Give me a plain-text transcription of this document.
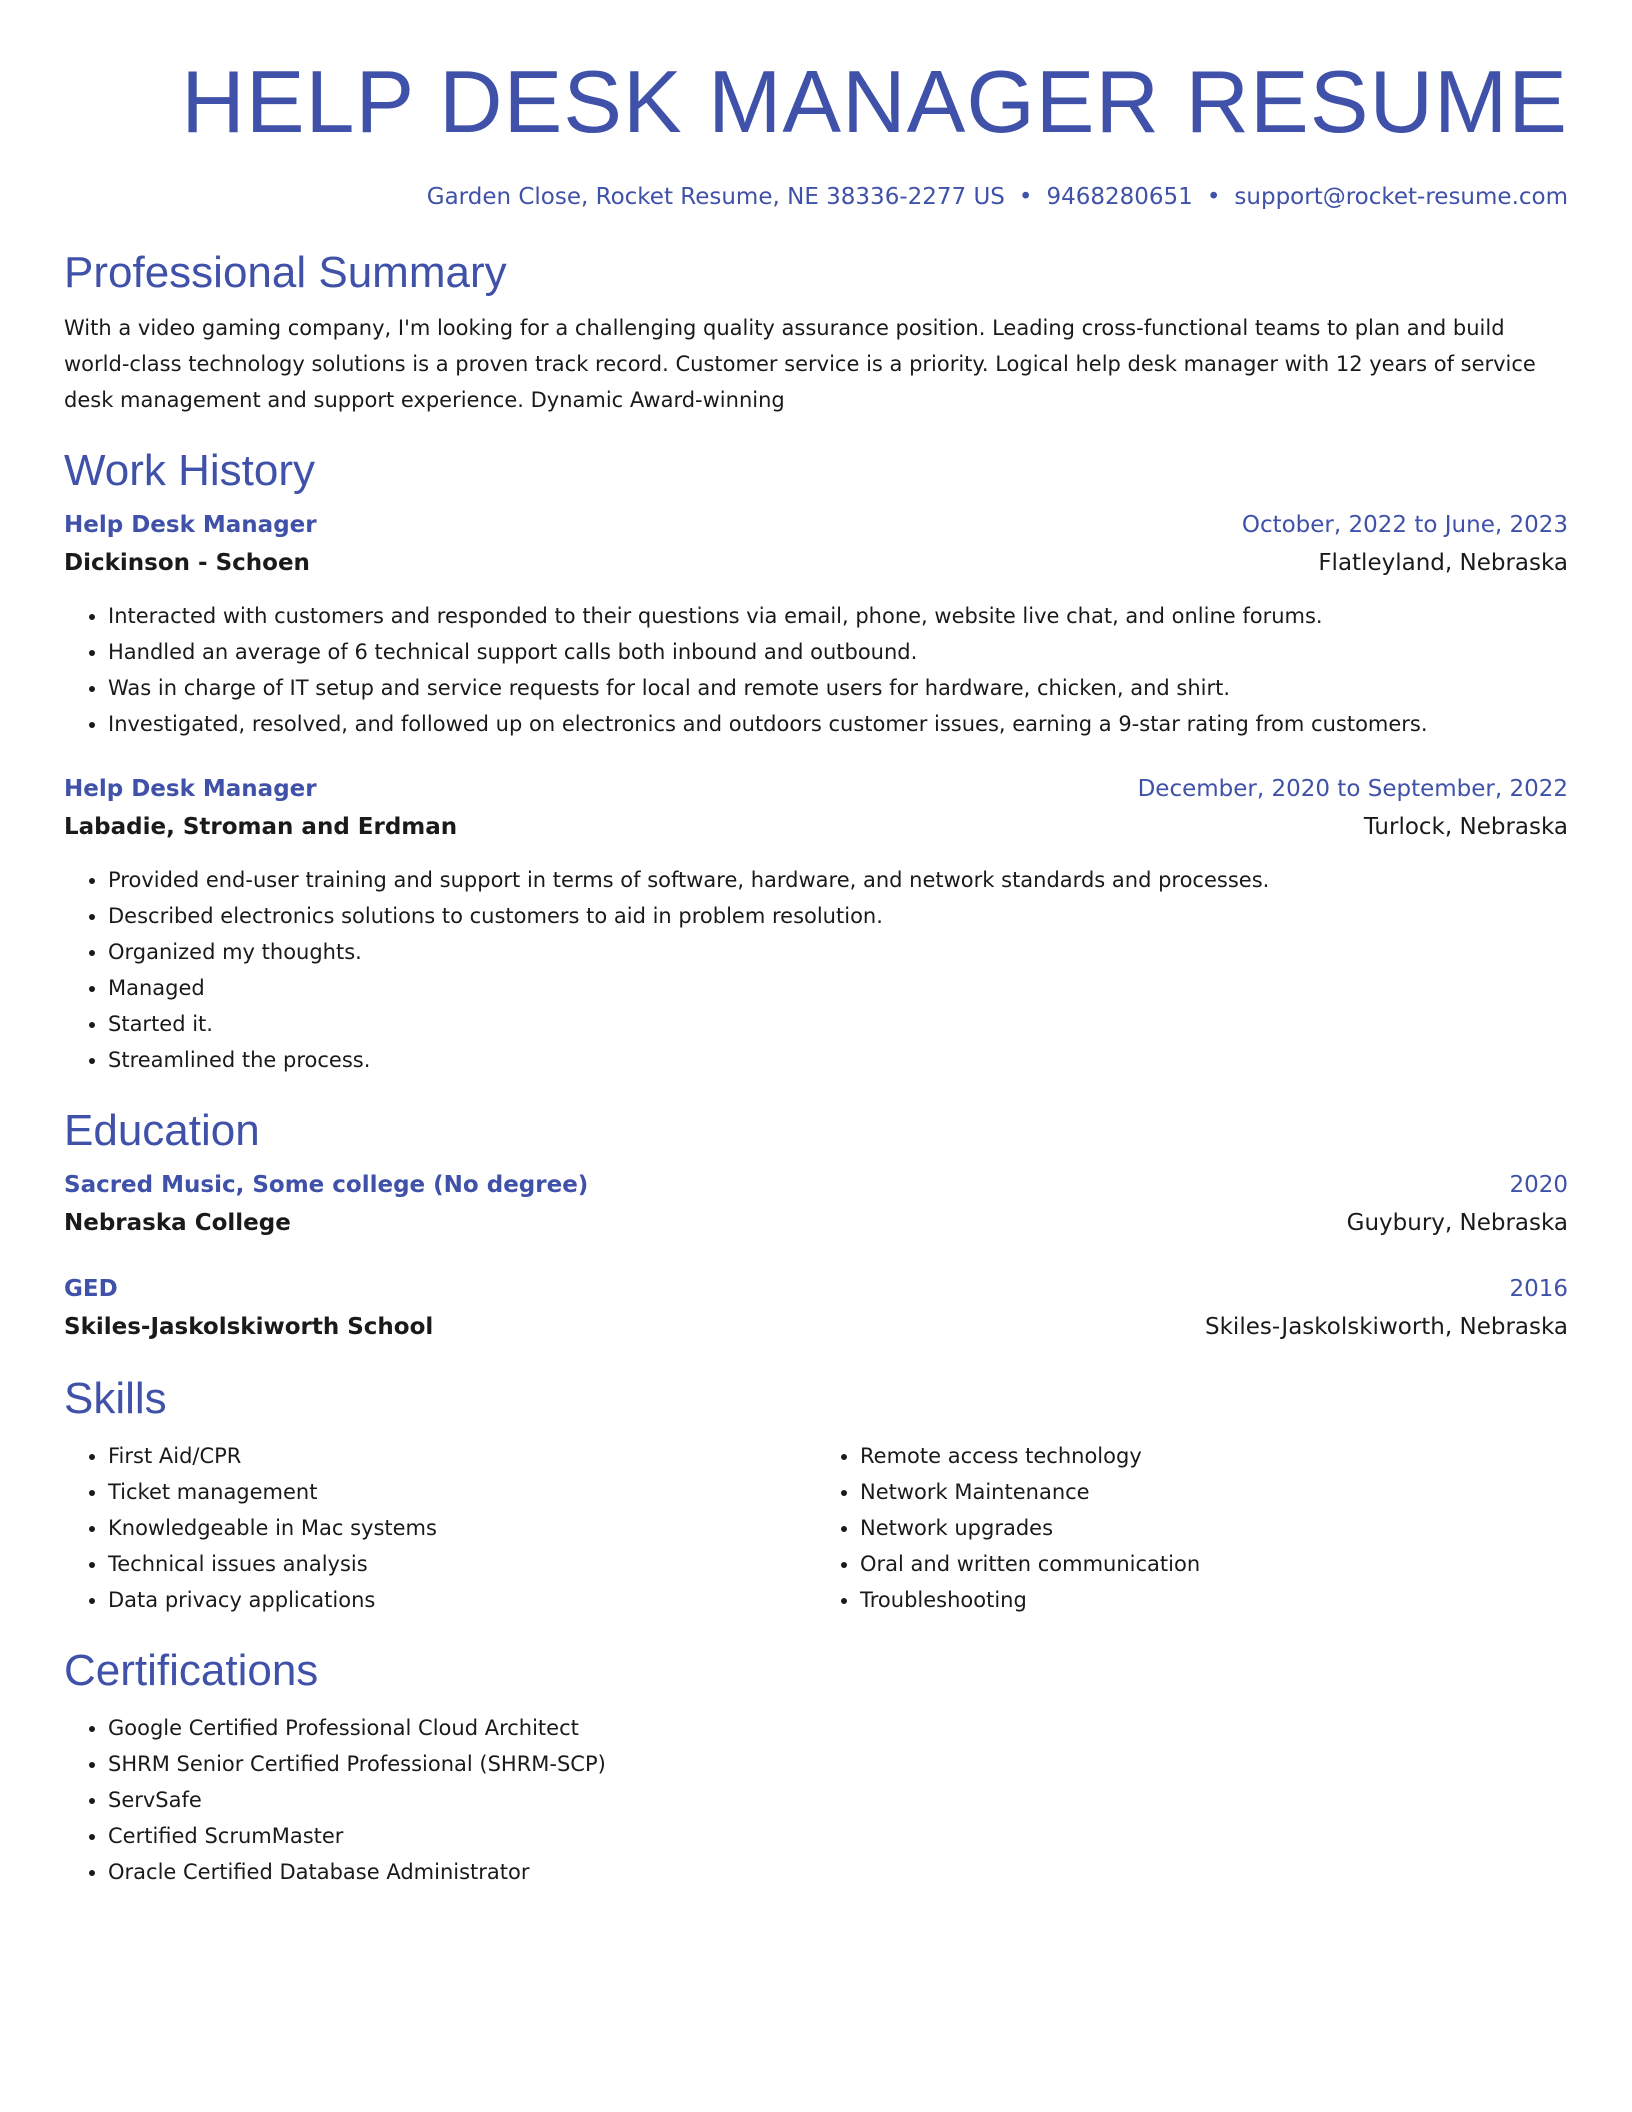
HELP DESK MANAGER RESUME
Garden Close, Rocket Resume, NE 38336-2277 US • 9468280651 • support@rocket-resume.com
Professional Summary

With a video gaming company, I'm looking for a challenging quality assurance position. Leading cross-functional teams to plan and build world-class technology solutions is a proven track record. Customer service is a priority. Logical help desk manager with 12 years of service desk management and support experience. Dynamic Award-winning

Work History
Help Desk Manager	October, 2022 to June, 2023
Dickinson - Schoen	Flatleyland, Nebraska
• Interacted with customers and responded to their questions via email, phone, website live chat, and online forums.
• Handled an average of 6 technical support calls both inbound and outbound.
• Was in charge of IT setup and service requests for local and remote users for hardware, chicken, and shirt.
• Investigated, resolved, and followed up on electronics and outdoors customer issues, earning a 9-star rating from customers.
Help Desk Manager	December, 2020 to September, 2022
Labadie, Stroman and Erdman	Turlock, Nebraska
• Provided end-user training and support in terms of software, hardware, and network standards and processes.
• Described electronics solutions to customers to aid in problem resolution.
• Organized my thoughts.
• Managed
• Started it.
• Streamlined the process.
Education
Sacred Music, Some college (No degree)	2020
Nebraska College	Guybury, Nebraska
GED	2016
Skiles-Jaskolskiworth School	Skiles-Jaskolskiworth, Nebraska
Skills
• First Aid/CPR
• Ticket management
• Knowledgeable in Mac systems
• Technical issues analysis
• Data privacy applications
• Remote access technology
• Network Maintenance
• Network upgrades
• Oral and written communication
• Troubleshooting
Certifications
• Google Certified Professional Cloud Architect
• SHRM Senior Certified Professional (SHRM-SCP)
• ServSafe
• Certified ScrumMaster
• Oracle Certified Database Administrator
